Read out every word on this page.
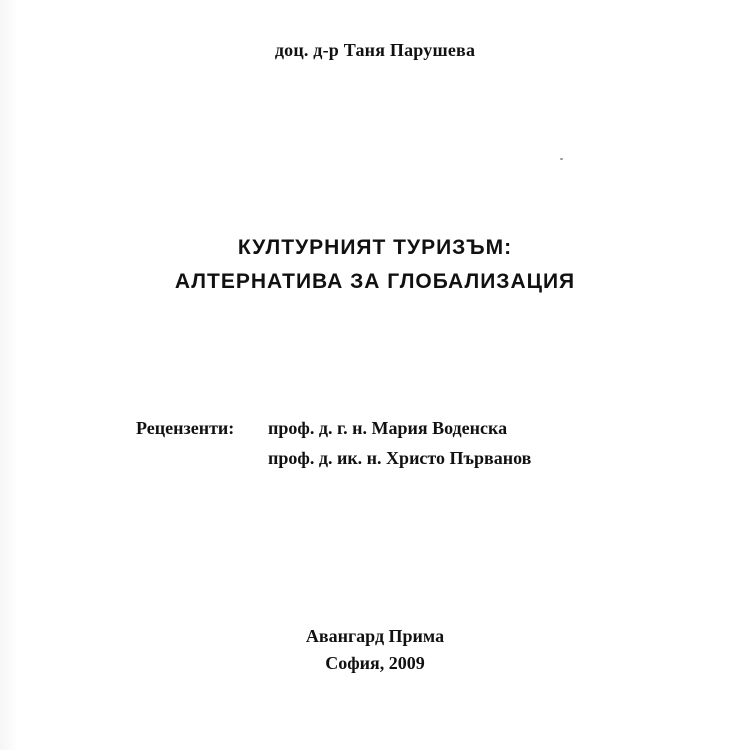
доц. д-р Таня Парушева
КУЛТУРНИЯТ ТУРИЗЪМ:
АЛТЕРНАТИВА ЗА ГЛОБАЛИЗАЦИЯ
Рецензенти:	проф. д. г. н. Мария Воденска
проф. д. ик. н. Христо Първанов
Авангард Прима
София, 2009
